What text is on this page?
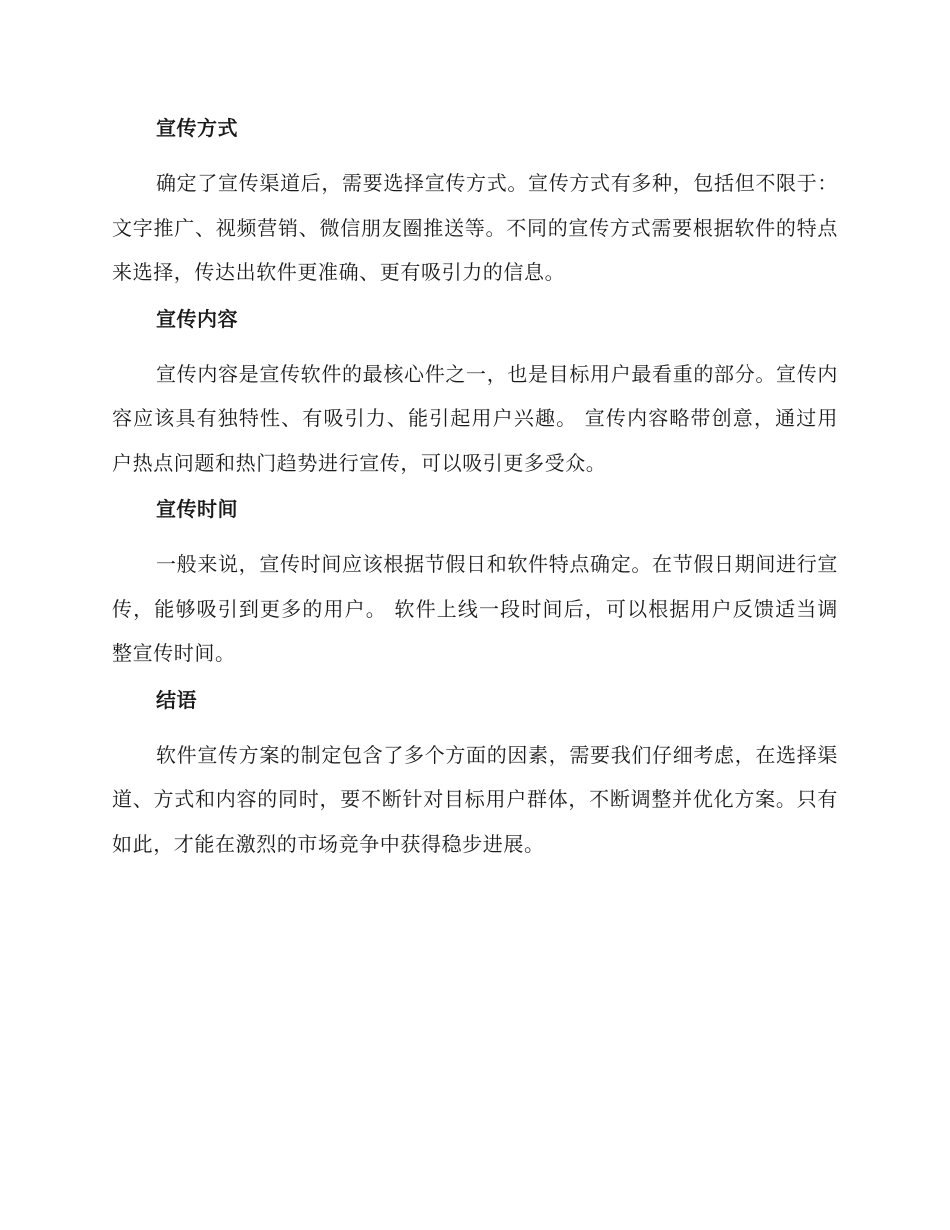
宣传方式

确定了宣传渠道后，需要选择宣传方式。宣传方式有多种，包括但不限于：文字推广、视频营销、微信朋友圈推送等。不同的宣传方式需要根据软件的特点来选择，传达出软件更准确、更有吸引力的信息。

宣传内容

宣传内容是宣传软件的最核心件之一，也是目标用户最看重的部分。宣传内容应该具有独特性、有吸引力、能引起用户兴趣。 宣传内容略带创意，通过用户热点问题和热门趋势进行宣传，可以吸引更多受众。

宣传时间

一般来说，宣传时间应该根据节假日和软件特点确定。在节假日期间进行宣传，能够吸引到更多的用户。 软件上线一段时间后，可以根据用户反馈适当调整宣传时间。

结语

软件宣传方案的制定包含了多个方面的因素，需要我们仔细考虑，在选择渠道、方式和内容的同时，要不断针对目标用户群体，不断调整并优化方案。只有如此，才能在激烈的市场竞争中获得稳步进展。
